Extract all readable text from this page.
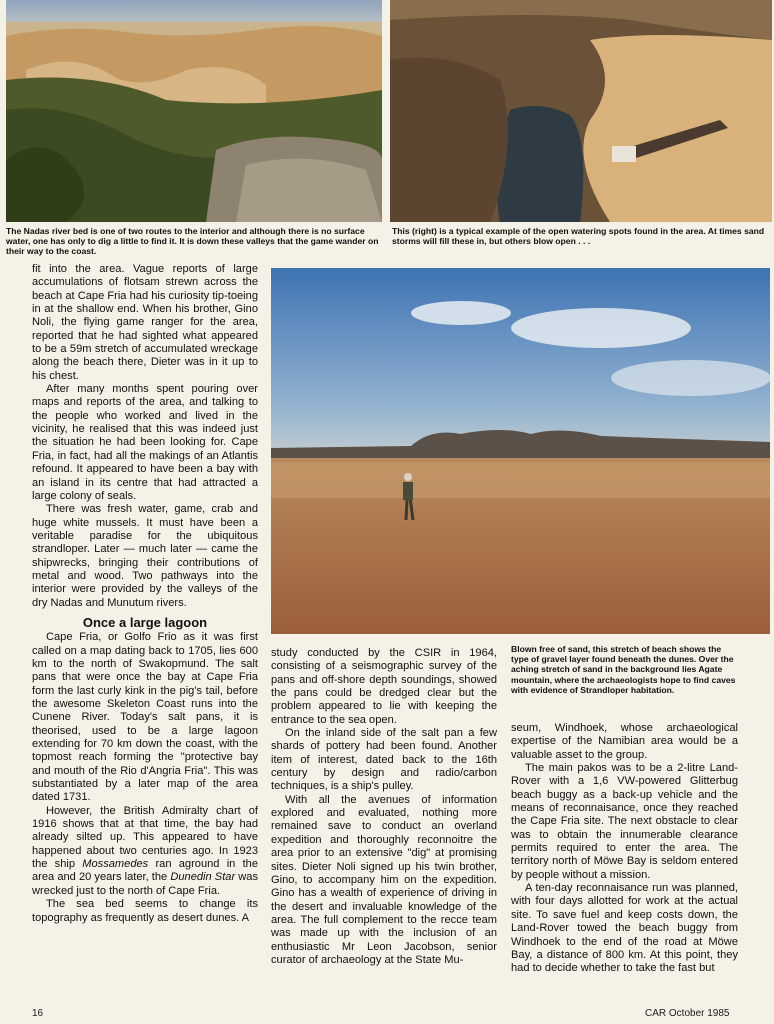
The Nadas river bed is one of two routes to the interior and although there is no surface water, one has only to dig a little to find it. It is down these valleys that the game wander on their way to the coast.

This (right) is a typical example of the open watering spots found in the area. At times sand storms will fill these in, but others blow open . . .

fit into the area. Vague reports of large accumulations of flotsam strewn across the beach at Cape Fria had his curiosity tip-toeing in at the shallow end. When his brother, Gino Noli, the flying game ranger for the area, reported that he had sighted what appeared to be a 59m stretch of accumulated wreckage along the beach there, Dieter was in it up to his chest.

After many months spent pouring over maps and reports of the area, and talking to the people who worked and lived in the vicinity, he realised that this was indeed just the situation he had been looking for. Cape Fria, in fact, had all the makings of an Atlantis refound. It appeared to have been a bay with an island in its centre that had attracted a large colony of seals.

There was fresh water, game, crab and huge white mussels. It must have been a veritable paradise for the ubiquitous strandloper. Later — much later — came the shipwrecks, bringing their contributions of metal and wood. Two pathways into the interior were provided by the valleys of the dry Nadas and Munutum rivers.

Once a large lagoon

Cape Fria, or Golfo Frio as it was first called on a map dating back to 1705, lies 600 km to the north of Swakopmund. The salt pans that were once the bay at Cape Fria form the last curly kink in the pig's tail, before the awesome Skeleton Coast runs into the Cunene River. Today's salt pans, it is theorised, used to be a large lagoon extending for 70 km down the coast, with the topmost reach forming the "protective bay and mouth of the Rio d'Angria Fria". This was substantiated by a later map of the area dated 1731.

However, the British Admiralty chart of 1916 shows that at that time, the bay had already silted up. This appeared to have happened about two centuries ago. In 1923 the ship Mossamedes ran aground in the area and 20 years later, the Dunedin Star was wrecked just to the north of Cape Fria.

The sea bed seems to change its topography as frequently as desert dunes. A

study conducted by the CSIR in 1964, consisting of a seismographic survey of the pans and off-shore depth soundings, showed the pans could be dredged clear but the problem appeared to lie with keeping the entrance to the sea open.

On the inland side of the salt pan a few shards of pottery had been found. Another item of interest, dated back to the 16th century by design and radio/carbon techniques, is a ship's pulley.

With all the avenues of information explored and evaluated, nothing more remained save to conduct an overland expedition and thoroughly reconnoitre the area prior to an extensive "dig" at promising sites. Dieter Noli signed up his twin brother, Gino, to accompany him on the expedition. Gino has a wealth of experience of driving in the desert and invaluable knowledge of the area. The full complement to the recce team was made up with the inclusion of an enthusiastic Mr Leon Jacobson, senior curator of archaeology at the State Mu-

Blown free of sand, this stretch of beach shows the type of gravel layer found beneath the dunes. Over the aching stretch of sand in the background lies Agate mountain, where the archaeologists hope to find caves with evidence of Strandloper habitation.

seum, Windhoek, whose archaeological expertise of the Namibian area would be a valuable asset to the group.

The main pakos was to be a 2-litre Land-Rover with a 1,6 VW-powered Glitterbug beach buggy as a back-up vehicle and the means of reconnaisance, once they reached the Cape Fria site. The next obstacle to clear was to obtain the innumerable clearance permits required to enter the area. The territory north of Möwe Bay is seldom entered by people without a mission.

A ten-day reconnaisance run was planned, with four days allotted for work at the actual site. To save fuel and keep costs down, the Land-Rover towed the beach buggy from Windhoek to the end of the road at Möwe Bay, a distance of 800 km. At this point, they had to decide whether to take the fast but

16	CAR October 1985
